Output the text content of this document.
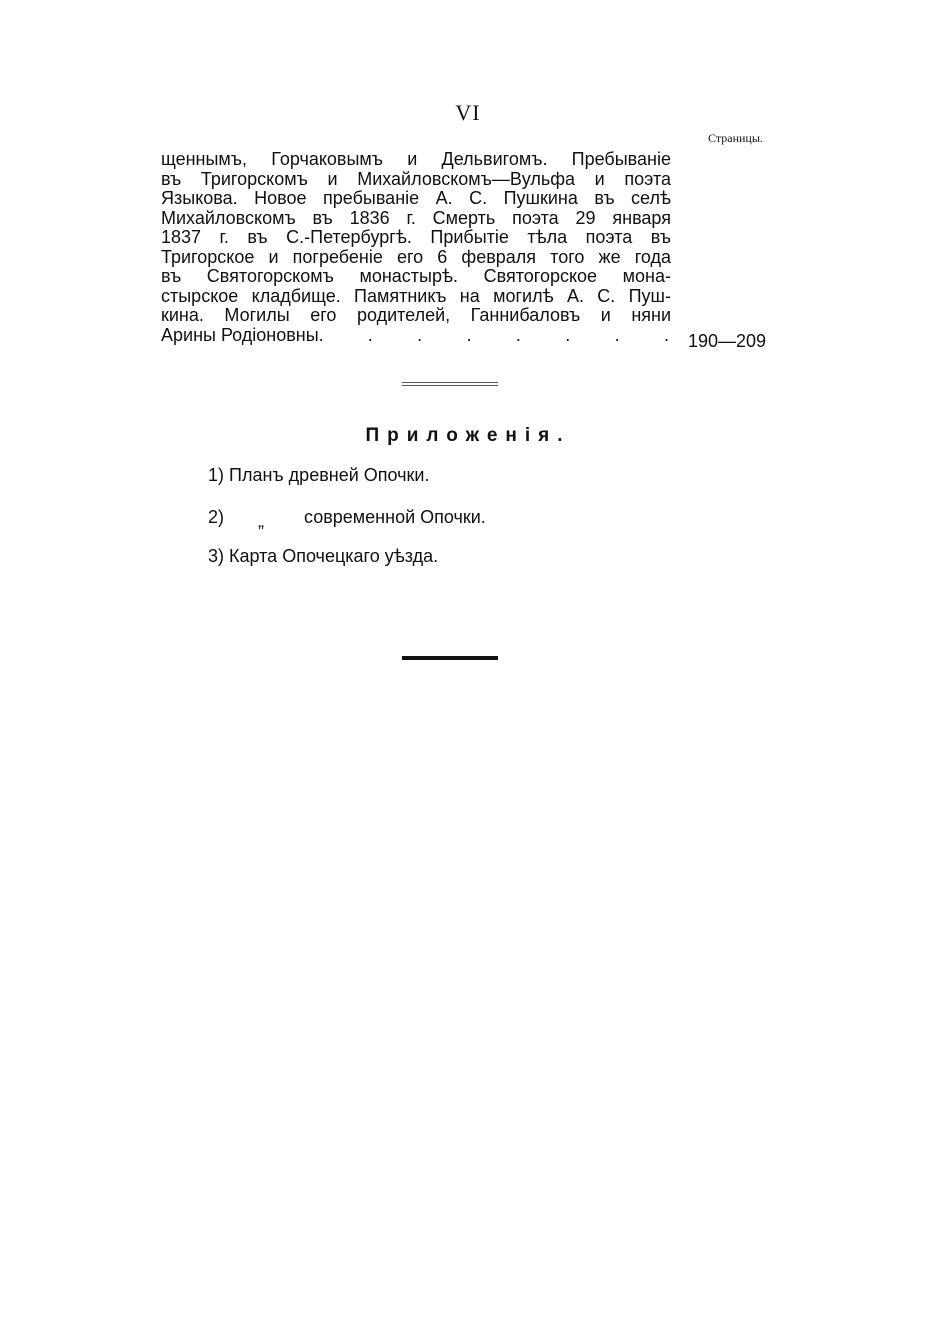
VI
Страницы.
щеннымъ, Горчаковымъ и Дельвигомъ. Пребываніе
въ Тригорскомъ и Михайловскомъ—Вульфа и поэта
Языкова. Новое пребываніе А. С. Пушкина въ селѣ
Михайловскомъ въ 1836 г. Смерть поэта 29 января
1837 г. въ С.-Петербургѣ. Прибытіе тѣла поэта въ
Тригорское и погребеніе его 6 февраля того же года
въ Святогорскомъ монастырѣ. Святогорское мона-
стырское кладбище. Памятникъ на могилѣ А. С. Пуш-
кина. Могилы его родителей, Ганнибаловъ и няни
Арины Родіоновны. . . . . . . . 190—209
Приложенія.
1) Планъ древней Опочки.
2) „ современной Опочки.
3) Карта Опочецкаго уѣзда.
